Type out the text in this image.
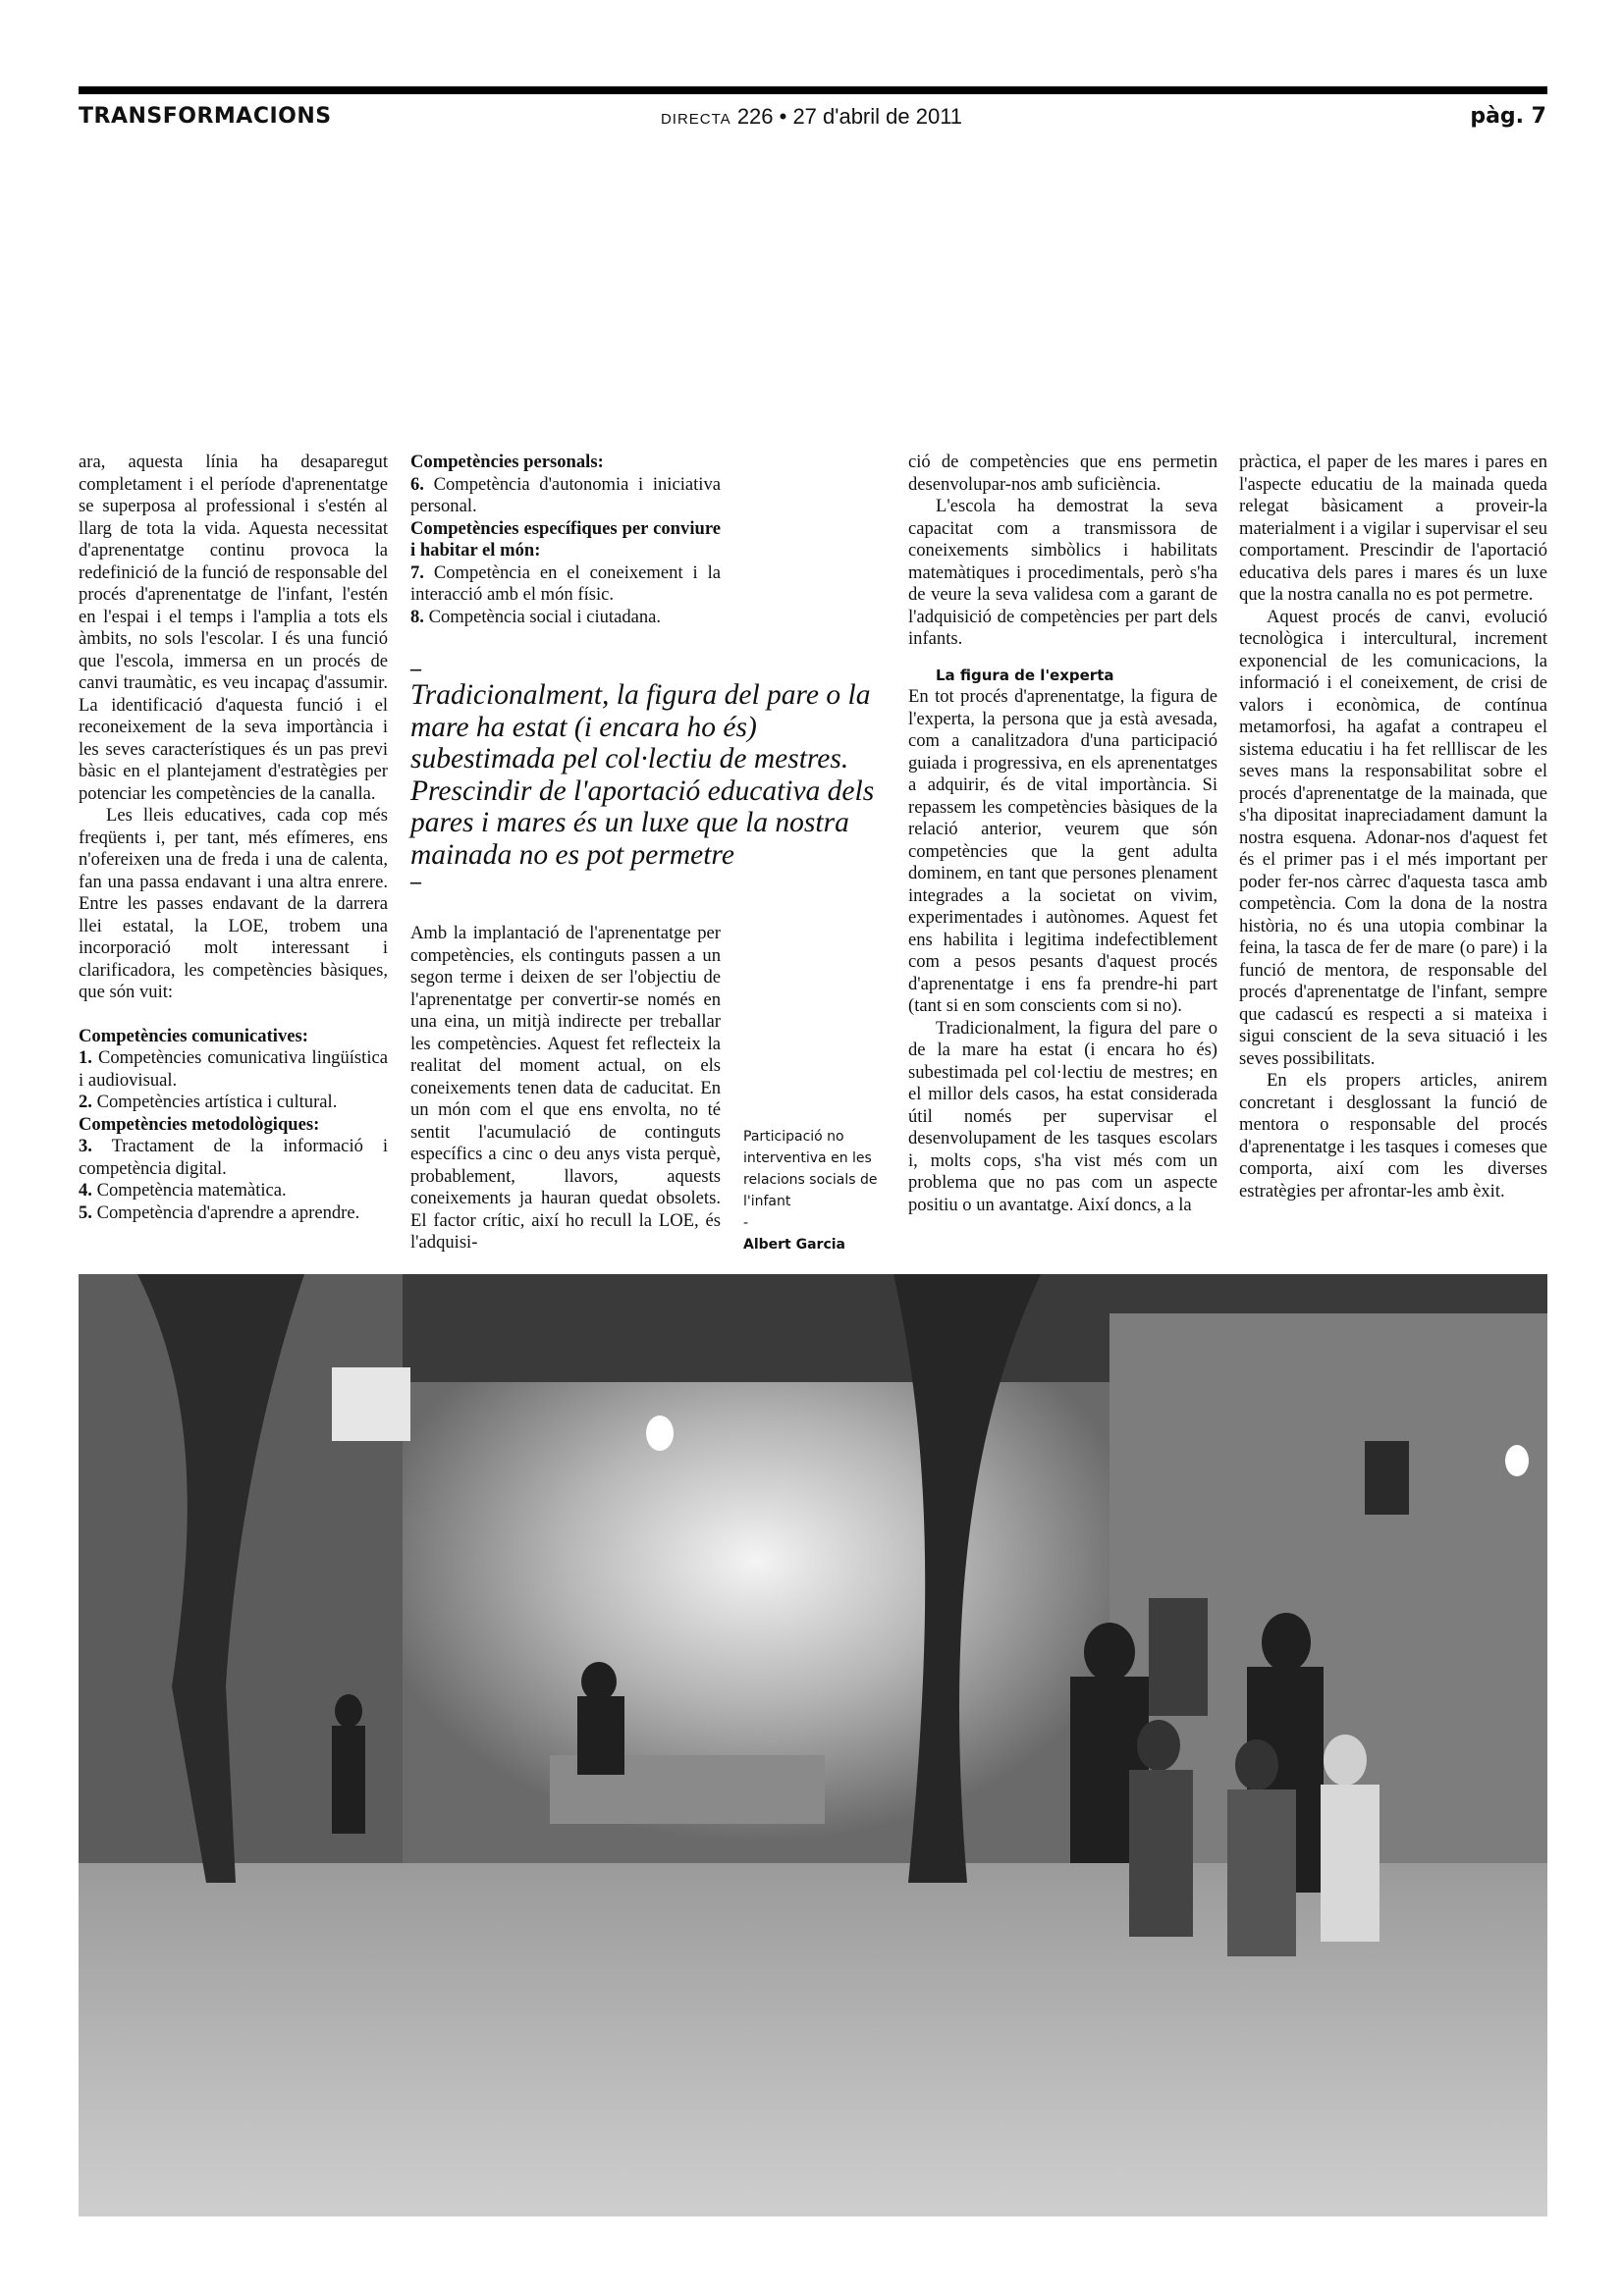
TRANSFORMACIONS	DIRECTA 226 • 27 d'abril de 2011	pàg. 7

ara, aquesta línia ha desaparegut completament i el període d'aprenentatge se superposa al professional i s'estén al llarg de tota la vida. Aquesta necessitat d'aprenentatge continu provoca la redefinició de la funció de responsable del procés d'aprenentatge de l'infant, l'estén en l'espai i el temps i l'amplia a tots els àmbits, no sols l'escolar. I és una funció que l'escola, immersa en un procés de canvi traumàtic, es veu incapaç d'assumir. La identificació d'aquesta funció i el reconeixement de la seva importància i les seves característiques és un pas previ bàsic en el plantejament d'estratègies per potenciar les competències de la canalla.

Les lleis educatives, cada cop més freqüents i, per tant, més efímeres, ens n'ofereixen una de freda i una de calenta, fan una passa endavant i una altra enrere. Entre les passes endavant de la darrera llei estatal, la LOE, trobem una incorporació molt interessant i clarificadora, les competències bàsiques, que són vuit:

Competències comunicatives:
1. Competències comunicativa lingüística i audiovisual.
2. Competències artística i cultural.
Competències metodològiques:
3. Tractament de la informació i competència digital.
4. Competència matemàtica.
5. Competència d'aprendre a aprendre.
Competències personals:
6. Competència d'autonomia i iniciativa personal.
Competències específiques per conviure i habitar el món:
7. Competència en el coneixement i la interacció amb el món físic.
8. Competència social i ciutadana.
–
Tradicionalment, la figura del pare o la mare ha estat (i encara ho és) subestimada pel col·lectiu de mestres. Prescindir de l'aportació educativa dels pares i mares és un luxe que la nostra mainada no es pot permetre
–

Amb la implantació de l'aprenentatge per competències, els continguts passen a un segon terme i deixen de ser l'objectiu de l'aprenentatge per convertir-se només en una eina, un mitjà indirecte per treballar les competències. Aquest fet reflecteix la realitat del moment actual, on els coneixements tenen data de caducitat. En un món com el que ens envolta, no té sentit l'acumulació de continguts específics a cinc o deu anys vista perquè, probablement, llavors, aquests coneixements ja hauran quedat obsolets. El factor crític, així ho recull la LOE, és l'adquisi-

Participació no interventiva en les relacions socials de l'infant
-
Albert Garcia

ció de competències que ens permetin desenvolupar-nos amb suficiència.

L'escola ha demostrat la seva capacitat com a transmissora de coneixements simbòlics i habilitats matemàtiques i procedimentals, però s'ha de veure la seva validesa com a garant de l'adquisició de competències per part dels infants.

La figura de l'experta

En tot procés d'aprenentatge, la figura de l'experta, la persona que ja està avesada, com a canalitzadora d'una participació guiada i progressiva, en els aprenentatges a adquirir, és de vital importància. Si repassem les competències bàsiques de la relació anterior, veurem que són competències que la gent adulta dominem, en tant que persones plenament integrades a la societat on vivim, experimentades i autònomes. Aquest fet ens habilita i legitima indefectiblement com a pesos pesants d'aquest procés d'aprenentatge i ens fa prendre-hi part (tant si en som conscients com si no).

Tradicionalment, la figura del pare o de la mare ha estat (i encara ho és) subestimada pel col·lectiu de mestres; en el millor dels casos, ha estat considerada útil només per supervisar el desenvolupament de les tasques escolars i, molts cops, s'ha vist més com un problema que no pas com un aspecte positiu o un avantatge. Així doncs, a la

pràctica, el paper de les mares i pares en l'aspecte educatiu de la mainada queda relegat bàsicament a proveir-la materialment i a vigilar i supervisar el seu comportament. Prescindir de l'aportació educativa dels pares i mares és un luxe que la nostra canalla no es pot permetre.

Aquest procés de canvi, evolució tecnològica i intercultural, increment exponencial de les comunicacions, la informació i el coneixement, de crisi de valors i econòmica, de contínua metamorfosi, ha agafat a contrapeu el sistema educatiu i ha fet rellliscar de les seves mans la responsabilitat sobre el procés d'aprenentatge de la mainada, que s'ha dipositat inapreciadament damunt la nostra esquena. Adonar-nos d'aquest fet és el primer pas i el més important per poder fer-nos càrrec d'aquesta tasca amb competència. Com la dona de la nostra història, no és una utopia combinar la feina, la tasca de fer de mare (o pare) i la funció de mentora, de responsable del procés d'aprenentatge de l'infant, sempre que cadascú es respecti a si mateixa i sigui conscient de la seva situació i les seves possibilitats.

En els propers articles, anirem concretant i desglossant la funció de mentora o responsable del procés d'aprenentatge i les tasques i comeses que comporta, així com les diverses estratègies per afrontar-les amb èxit.
